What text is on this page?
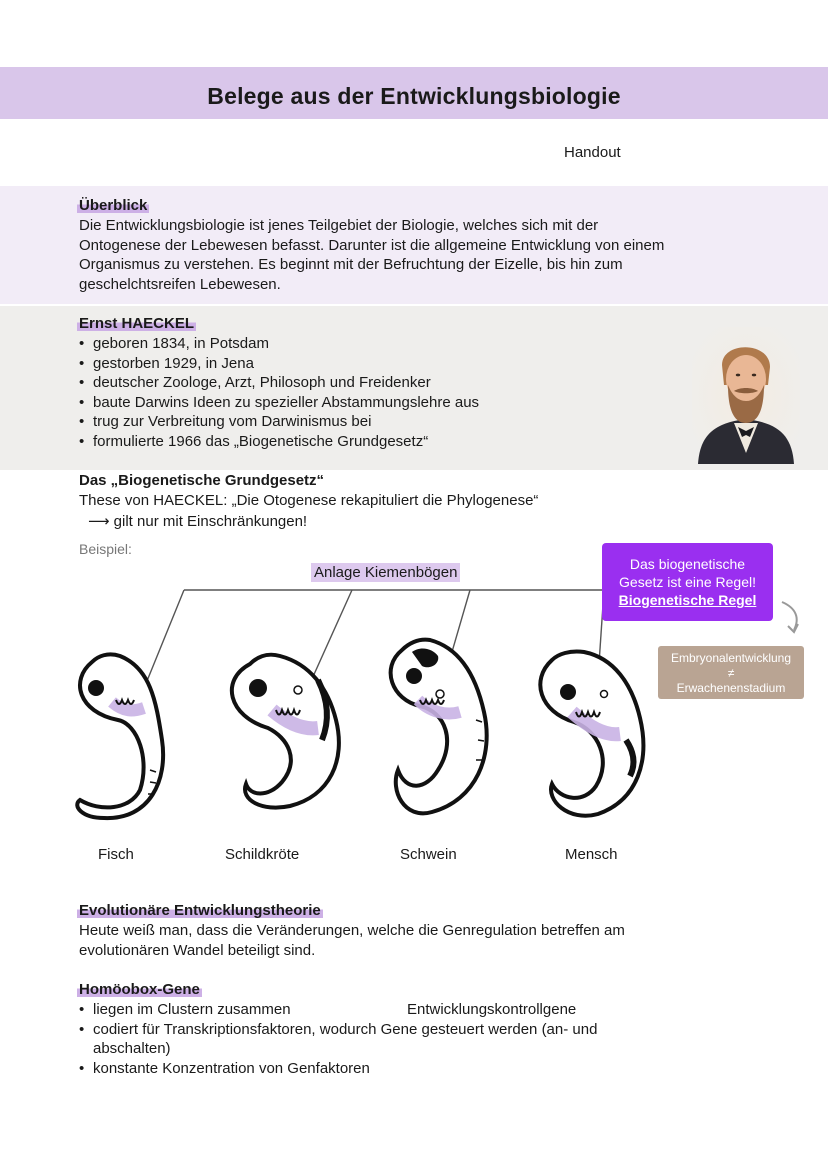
Belege aus der Entwicklungsbiologie
Handout
Überblick
Die Entwicklungsbiologie ist jenes Teilgebiet der Biologie, welches sich mit der
Ontogenese der Lebewesen befasst. Darunter ist die allgemeine Entwicklung von einem
Organismus zu verstehen. Es beginnt mit der Befruchtung der Eizelle, bis hin zum
geschelchtsreifen Lebewesen.
Ernst HAECKEL
• geboren 1834, in Potsdam
• gestorben 1929, in Jena
• deutscher Zoologe, Arzt, Philosoph und Freidenker
• baute Darwins Ideen zu spezieller Abstammungslehre aus
• trug zur Verbreitung vom Darwinismus bei
• formulierte 1966 das „Biogenetische Grundgesetz“
Das „Biogenetische Grundgesetz“
These von HAECKEL: „Die Otogenese rekapituliert die Phylogenese“
⟶ gilt nur mit Einschränkungen!
Beispiel:
Anlage Kiemenbögen	Das biogenetische
Gesetz ist eine Regel!
Biogenetische Regel
Embryonalentwicklung
≠
Erwachenenstadium
Fisch	Schildkröte	Schwein	Mensch
Evolutionäre Entwicklungstheorie
Heute weiß man, dass die Veränderungen, welche die Genregulation betreffen am
evolutionären Wandel beteiligt sind.
Homöobox-Gene
• liegen im Clustern zusammen	Entwicklungskontrollgene
• codiert für Transkriptionsfaktoren, wodurch Gene gesteuert werden (an- und
abschalten)
• konstante Konzentration von Genfaktoren
